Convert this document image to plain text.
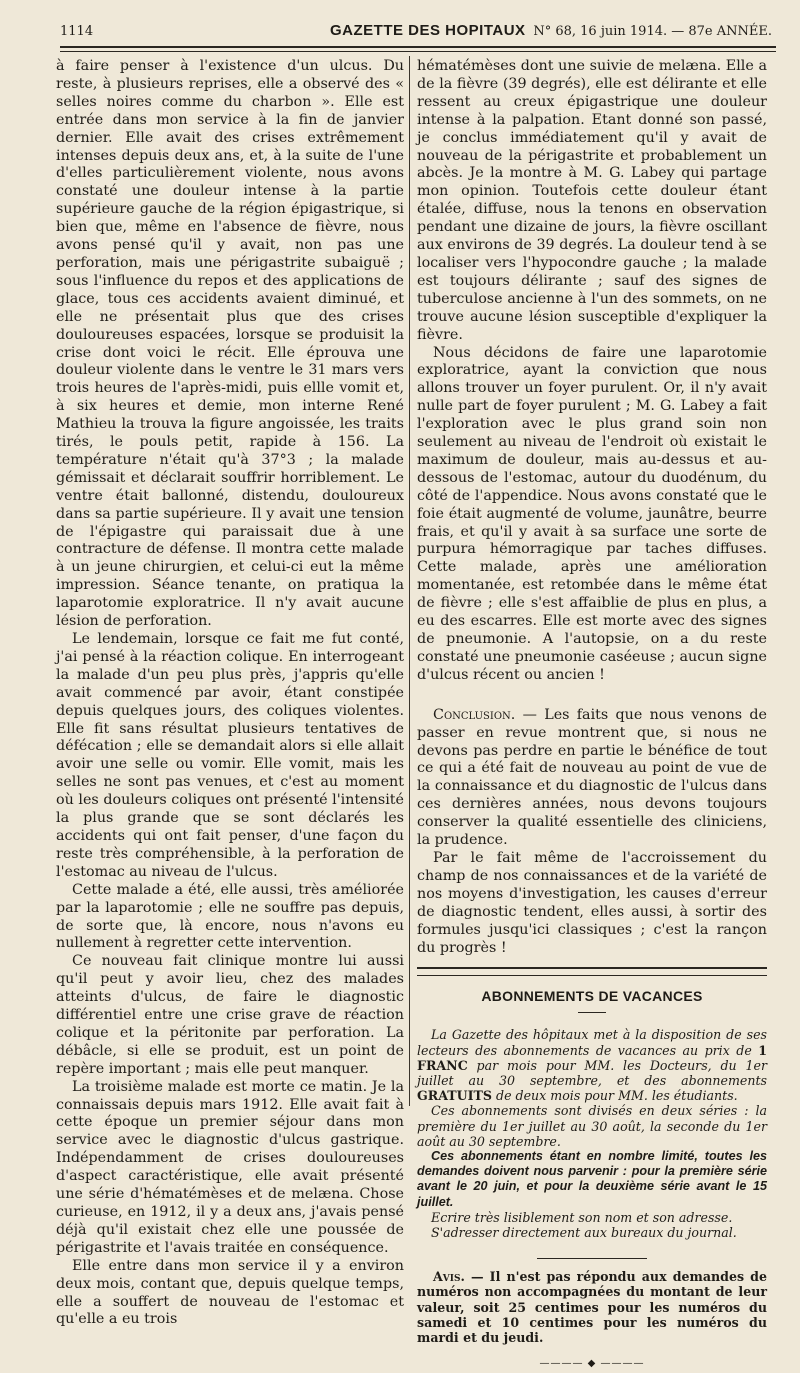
1114	GAZETTE DES HOPITAUX N° 68, 16 juin 1914. — 87e ANNÉE.

à faire penser à l'existence d'un ulcus. Du reste, à plusieurs reprises, elle a observé des « selles noires comme du charbon ». Elle est entrée dans mon service à la fin de janvier dernier. Elle avait des crises extrêmement intenses depuis deux ans, et, à la suite de l'une d'elles particulièrement violente, nous avons constaté une douleur intense à la partie supérieure gauche de la région épigastrique, si bien que, même en l'absence de fièvre, nous avons pensé qu'il y avait, non pas une perforation, mais une périgastrite subaiguë ; sous l'influence du repos et des applications de glace, tous ces accidents avaient diminué, et elle ne présentait plus que des crises douloureuses espacées, lorsque se produisit la crise dont voici le récit. Elle éprouva une douleur violente dans le ventre le 31 mars vers trois heures de l'après-midi, puis ellle vomit et, à six heures et demie, mon interne René Mathieu la trouva la figure angoissée, les traits tirés, le pouls petit, rapide à 156. La température n'était qu'à 37°3 ; la malade gémissait et déclarait souffrir horriblement. Le ventre était ballonné, distendu, douloureux dans sa partie supérieure. Il y avait une tension de l'épigastre qui paraissait due à une contracture de défense. Il montra cette malade à un jeune chirurgien, et celui-ci eut la même impression. Séance tenante, on pratiqua la laparotomie exploratrice. Il n'y avait aucune lésion de perforation.

Le lendemain, lorsque ce fait me fut conté, j'ai pensé à la réaction colique. En interrogeant la malade d'un peu plus près, j'appris qu'elle avait commencé par avoir, étant constipée depuis quelques jours, des coliques violentes. Elle fit sans résultat plusieurs tentatives de défécation ; elle se demandait alors si elle allait avoir une selle ou vomir. Elle vomit, mais les selles ne sont pas venues, et c'est au moment où les douleurs coliques ont présenté l'intensité la plus grande que se sont déclarés les accidents qui ont fait penser, d'une façon du reste très compréhensible, à la perforation de l'estomac au niveau de l'ulcus.

Cette malade a été, elle aussi, très améliorée par la laparotomie ; elle ne souffre pas depuis, de sorte que, là encore, nous n'avons eu nullement à regretter cette intervention.

Ce nouveau fait clinique montre lui aussi qu'il peut y avoir lieu, chez des malades atteints d'ulcus, de faire le diagnostic différentiel entre une crise grave de réaction colique et la péritonite par perforation. La débâcle, si elle se produit, est un point de repère important ; mais elle peut manquer.

La troisième malade est morte ce matin. Je la connaissais depuis mars 1912. Elle avait fait à cette époque un premier séjour dans mon service avec le diagnostic d'ulcus gastrique. Indépendamment de crises douloureuses d'aspect caractéristique, elle avait présenté une série d'hématémèses et de melæna. Chose curieuse, en 1912, il y a deux ans, j'avais pensé déjà qu'il existait chez elle une poussée de périgastrite et l'avais traitée en conséquence.

Elle entre dans mon service il y a environ deux mois, contant que, depuis quelque temps, elle a souffert de nouveau de l'estomac et qu'elle a eu trois

hématémèses dont une suivie de melæna. Elle a de la fièvre (39 degrés), elle est délirante et elle ressent au creux épigastrique une douleur intense à la palpation. Etant donné son passé, je conclus immédiatement qu'il y avait de nouveau de la périgastrite et probablement un abcès. Je la montre à M. G. Labey qui partage mon opinion. Toutefois cette douleur étant étalée, diffuse, nous la tenons en observation pendant une dizaine de jours, la fièvre oscillant aux environs de 39 degrés. La douleur tend à se localiser vers l'hypocondre gauche ; la malade est toujours délirante ; sauf des signes de tuberculose ancienne à l'un des sommets, on ne trouve aucune lésion susceptible d'expliquer la fièvre.

Nous décidons de faire une laparotomie exploratrice, ayant la conviction que nous allons trouver un foyer purulent. Or, il n'y avait nulle part de foyer purulent ; M. G. Labey a fait l'exploration avec le plus grand soin non seulement au niveau de l'endroit où existait le maximum de douleur, mais au-dessus et au-dessous de l'estomac, autour du duodénum, du côté de l'appendice. Nous avons constaté que le foie était augmenté de volume, jaunâtre, beurre frais, et qu'il y avait à sa surface une sorte de purpura hémorragique par taches diffuses. Cette malade, après une amélioration momentanée, est retombée dans le même état de fièvre ; elle s'est affaiblie de plus en plus, a eu des escarres. Elle est morte avec des signes de pneumonie. A l'autopsie, on a du reste constaté une pneumonie caséeuse ; aucun signe d'ulcus récent ou ancien !

Conclusion. — Les faits que nous venons de passer en revue montrent que, si nous ne devons pas perdre en partie le bénéfice de tout ce qui a été fait de nouveau au point de vue de la connaissance et du diagnostic de l'ulcus dans ces dernières années, nous devons toujours conserver la qualité essentielle des cliniciens, la prudence.

Par le fait même de l'accroissement du champ de nos connaissances et de la variété de nos moyens d'investigation, les causes d'erreur de diagnostic tendent, elles aussi, à sortir des formules jusqu'ici classiques ; c'est la rançon du progrès !

ABONNEMENTS DE VACANCES

La Gazette des hôpitaux met à la disposition de ses lecteurs des abonnements de vacances au prix de 1 FRANC par mois pour MM. les Docteurs, du 1er juillet au 30 septembre, et des abonnements GRATUITS de deux mois pour MM. les étudiants.

Ces abonnements sont divisés en deux séries : la première du 1er juillet au 30 août, la seconde du 1er août au 30 septembre.

Ces abonnements étant en nombre limité, toutes les demandes doivent nous parvenir : pour la première série avant le 20 juin, et pour la deuxième série avant le 15 juillet.

Ecrire très lisiblement son nom et son adresse.

S'adresser directement aux bureaux du journal.

Avis. — Il n'est pas répondu aux demandes de numéros non accompagnées du montant de leur valeur, soit 25 centimes pour les numéros du samedi et 10 centimes pour les numéros du mardi et du jeudi.

———— ◆ ————
